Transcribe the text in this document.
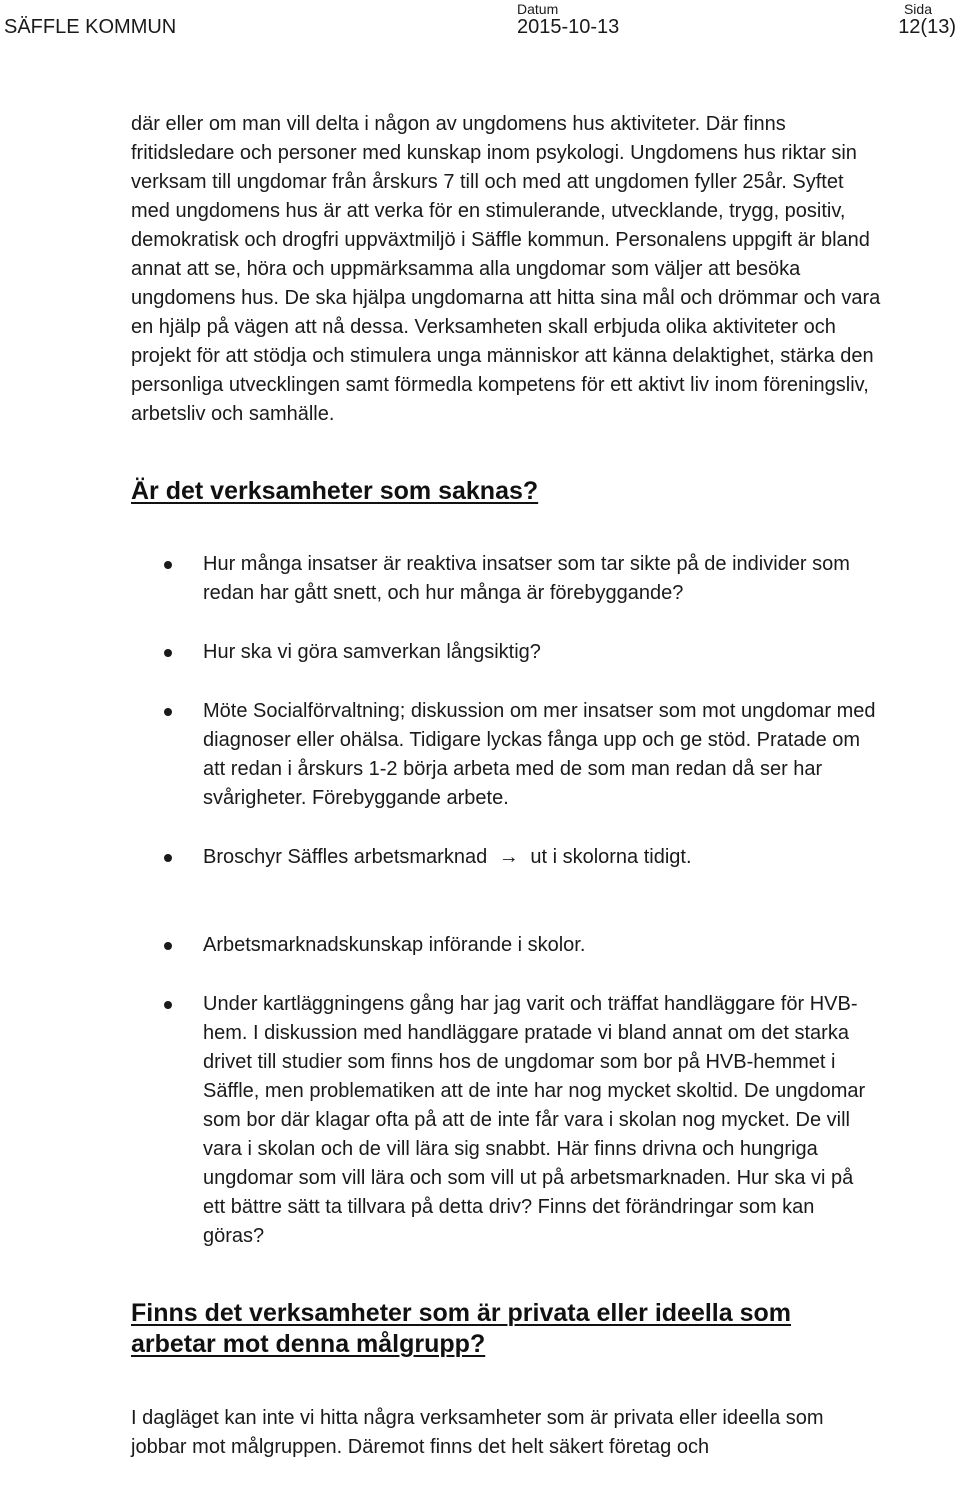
SÄFFLE KOMMUN
Datum
2015-10-13
Sida
12(13)

där eller om man vill delta i någon av ungdomens hus aktiviteter. Där finns fritidsledare och personer med kunskap inom psykologi. Ungdomens hus riktar sin verksam till ungdomar från årskurs 7 till och med att ungdomen fyller 25år. Syftet med ungdomens hus är att verka för en stimulerande, utvecklande, trygg, positiv, demokratisk och drogfri uppväxtmiljö i Säffle kommun. Personalens uppgift är bland annat att se, höra och uppmärksamma alla ungdomar som väljer att besöka ungdomens hus. De ska hjälpa ungdomarna att hitta sina mål och drömmar och vara en hjälp på vägen att nå dessa. Verksamheten skall erbjuda olika aktiviteter och projekt för att stödja och stimulera unga människor att känna delaktighet, stärka den personliga utvecklingen samt förmedla kompetens för ett aktivt liv inom föreningsliv, arbetsliv och samhälle.

Är det verksamheter som saknas?
Hur många insatser är reaktiva insatser som tar sikte på de individer som redan har gått snett, och hur många är förebyggande?
Hur ska vi göra samverkan långsiktig?
Möte Socialförvaltning; diskussion om mer insatser som mot ungdomar med diagnoser eller ohälsa. Tidigare lyckas fånga upp och ge stöd. Pratade om att redan i årskurs 1-2 börja arbeta med de som man redan då ser har svårigheter. Förebyggande arbete.
Broschyr Säffles arbetsmarknad → ut i skolorna tidigt.
Arbetsmarknadskunskap införande i skolor.
Under kartläggningens gång har jag varit och träffat handläggare för HVB-hem. I diskussion med handläggare pratade vi bland annat om det starka drivet till studier som finns hos de ungdomar som bor på HVB-hemmet i Säffle, men problematiken att de inte har nog mycket skoltid. De ungdomar som bor där klagar ofta på att de inte får vara i skolan nog mycket. De vill vara i skolan och de vill lära sig snabbt. Här finns drivna och hungriga ungdomar som vill lära och som vill ut på arbetsmarknaden. Hur ska vi på ett bättre sätt ta tillvara på detta driv? Finns det förändringar som kan göras?
Finns det verksamheter som är privata eller ideella som arbetar mot denna målgrupp?

I dagläget kan inte vi hitta några verksamheter som är privata eller ideella som jobbar mot målgruppen. Däremot finns det helt säkert företag och
